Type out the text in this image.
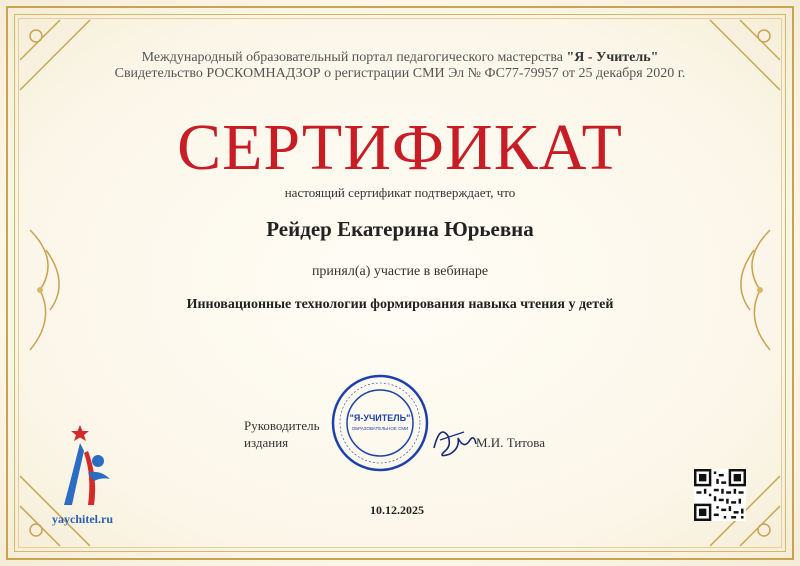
Международный образовательный портал педагогического мастерства "Я - Учитель"
Свидетельство РОСКОМНАДЗОР о регистрации СМИ Эл № ФС77-79957 от 25 декабря 2020 г.
СЕРТИФИКАТ
настоящий сертификат подтверждает, что
Рейдер Екатерина Юрьевна
принял(а) участие в вебинаре
Инновационные технологии формирования навыка чтения у детей
"Я-УЧИТЕЛЬ"
ОБРАЗОВАТЕЛЬНОЕ СМИ
Руководитель
издания	М.И. Титова
10.12.2025
yaychitel.ru
